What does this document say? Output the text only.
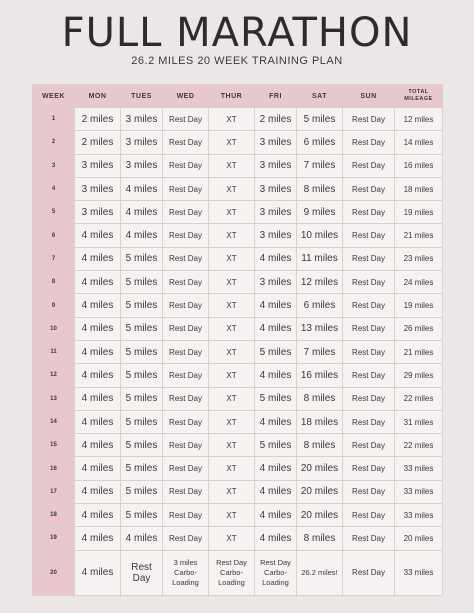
FULL MARATHON
26.2 MILES 20 WEEK TRAINING PLAN
WEEK	MON	TUES	WED	THUR	FRI	SAT	SUN	TOTAL MILEAGE
1	2 miles	3 miles	Rest Day	XT	2 miles	5 miles	Rest Day	12 miles
2	2 miles	3 miles	Rest Day	XT	3 miles	6 miles	Rest Day	14 miles
3	3 miles	3 miles	Rest Day	XT	3 miles	7 miles	Rest Day	16 miles
4	3 miles	4 miles	Rest Day	XT	3 miles	8 miles	Rest Day	18 miles
5	3 miles	4 miles	Rest Day	XT	3 miles	9 miles	Rest Day	19 miles
6	4 miles	4 miles	Rest Day	XT	3 miles	10 miles	Rest Day	21 miles
7	4 miles	5 miles	Rest Day	XT	4 miles	11 miles	Rest Day	23 miles
8	4 miles	5 miles	Rest Day	XT	3 miles	12 miles	Rest Day	24 miles
9	4 miles	5 miles	Rest Day	XT	4 miles	6 miles	Rest Day	19 miles
10	4 miles	5 miles	Rest Day	XT	4 miles	13 miles	Rest Day	26 miles
11	4 miles	5 miles	Rest Day	XT	5 miles	7 miles	Rest Day	21 miles
12	4 miles	5 miles	Rest Day	XT	4 miles	16 miles	Rest Day	29 miles
13	4 miles	5 miles	Rest Day	XT	5 miles	8 miles	Rest Day	22 miles
14	4 miles	5 miles	Rest Day	XT	4 miles	18 miles	Rest Day	31 miles
15	4 miles	5 miles	Rest Day	XT	5 miles	8 miles	Rest Day	22 miles
16	4 miles	5 miles	Rest Day	XT	4 miles	20 miles	Rest Day	33 miles
17	4 miles	5 miles	Rest Day	XT	4 miles	20 miles	Rest Day	33 miles
18	4 miles	5 miles	Rest Day	XT	4 miles	20 miles	Rest Day	33 miles
19	4 miles	4 miles	Rest Day	XT	4 miles	8 miles	Rest Day	20 miles
20	4 miles	Rest Day	3 miles Carbo-Loading	Rest Day Carbo-Loading	Rest Day Carbo-Loading	26.2 miles!	Rest Day	33 miles
